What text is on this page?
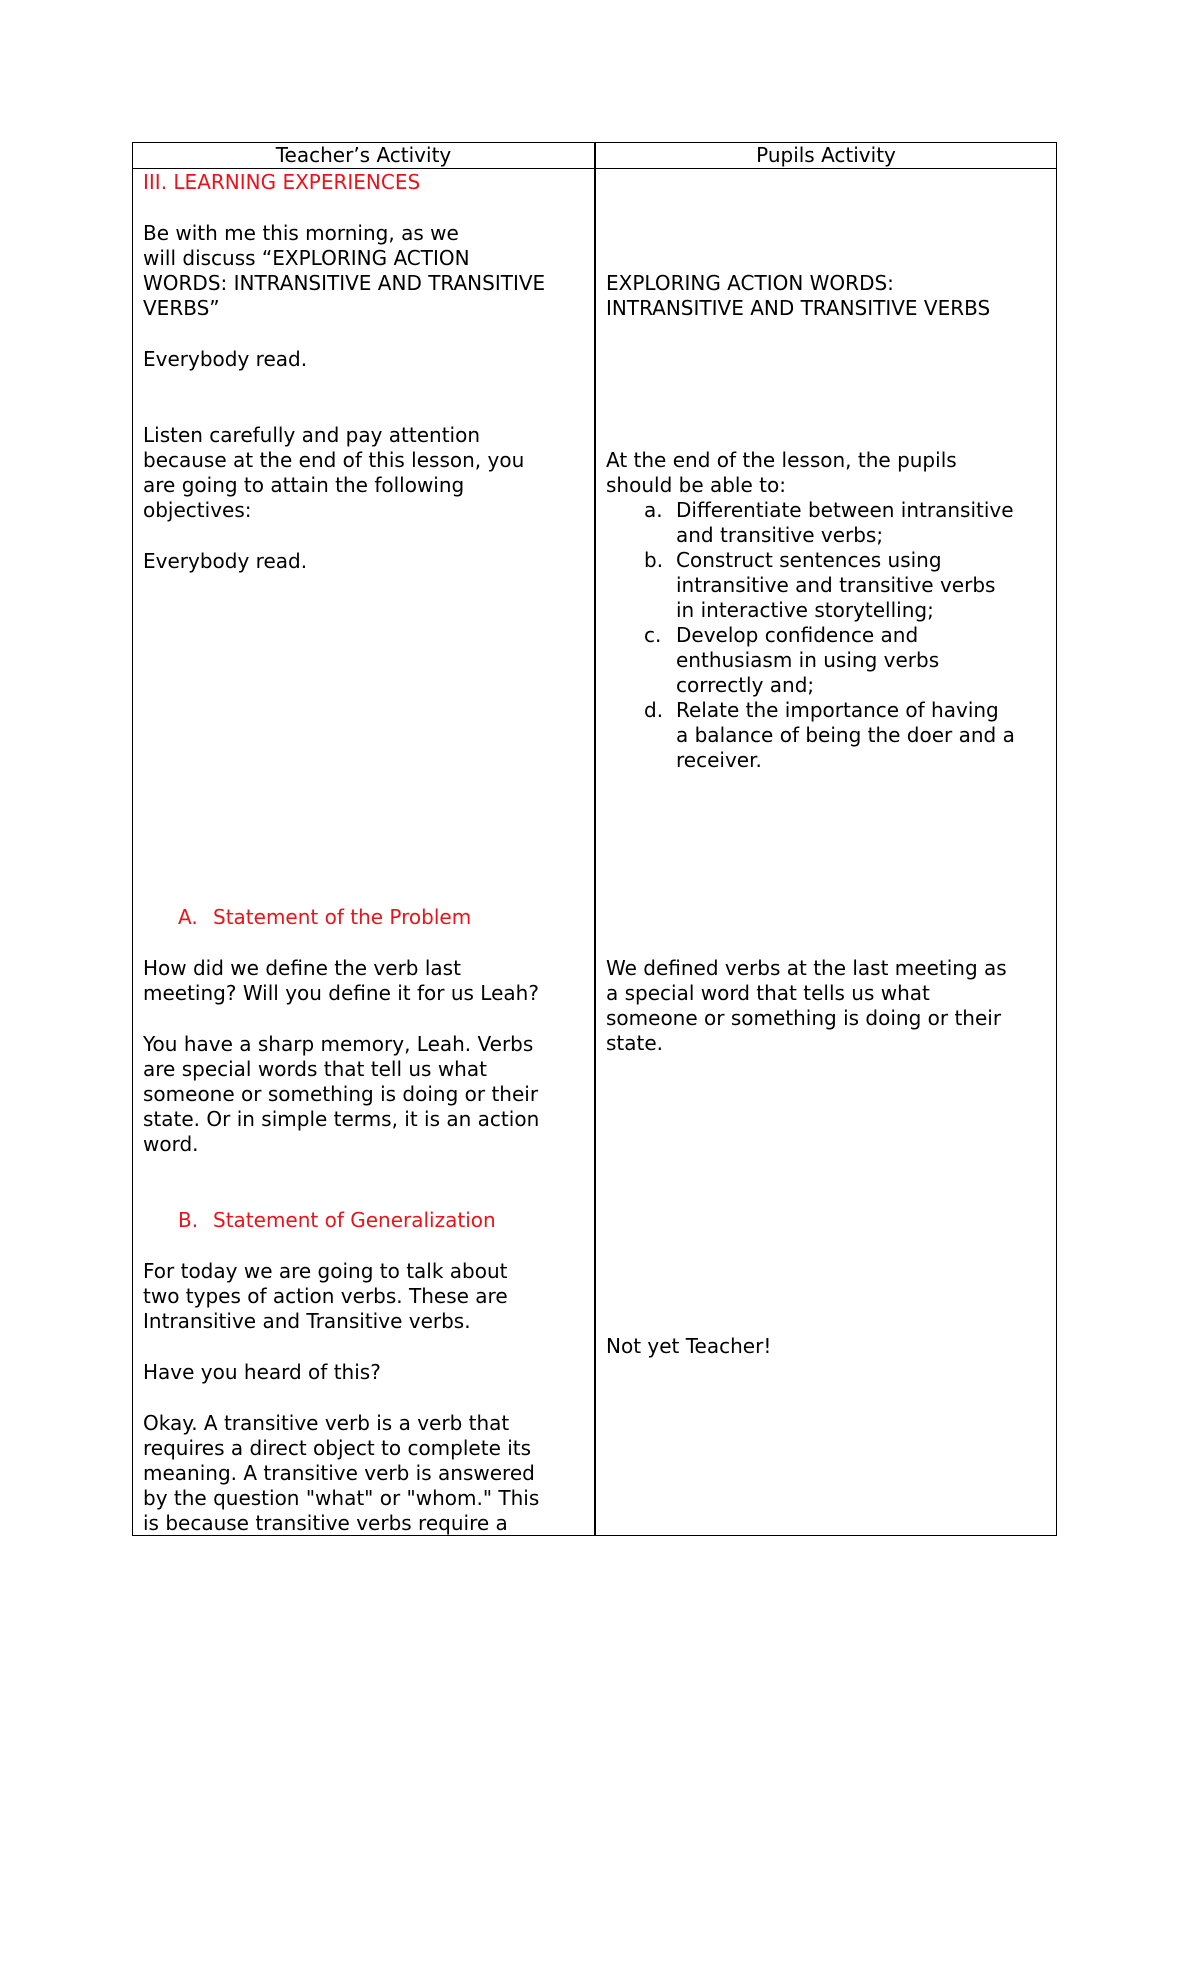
Teacher’s Activity	Pupils Activity
III. LEARNING EXPERIENCES
Be with me this morning, as we
will discuss “EXPLORING ACTION
WORDS: INTRANSITIVE AND TRANSITIVE
VERBS”
Everybody read.
Listen carefully and pay attention
because at the end of this lesson, you
are going to attain the following
objectives:
Everybody read.
A. Statement of the Problem
How did we define the verb last
meeting? Will you define it for us Leah?
You have a sharp memory, Leah. Verbs
are special words that tell us what
someone or something is doing or their
state. Or in simple terms, it is an action
word.
B. Statement of Generalization
For today we are going to talk about
two types of action verbs. These are
Intransitive and Transitive verbs.
Have you heard of this?
Okay. A transitive verb is a verb that
requires a direct object to complete its
meaning. A transitive verb is answered
by the question "what" or "whom." This
is because transitive verbs require a
EXPLORING ACTION WORDS:
INTRANSITIVE AND TRANSITIVE VERBS
At the end of the lesson, the pupils
should be able to:
a. Differentiate between intransitive
and transitive verbs;
b. Construct sentences using
intransitive and transitive verbs
in interactive storytelling;
c. Develop confidence and
enthusiasm in using verbs
correctly and;
d. Relate the importance of having
a balance of being the doer and a
receiver.
We defined verbs at the last meeting as
a special word that tells us what
someone or something is doing or their
state.
Not yet Teacher!
